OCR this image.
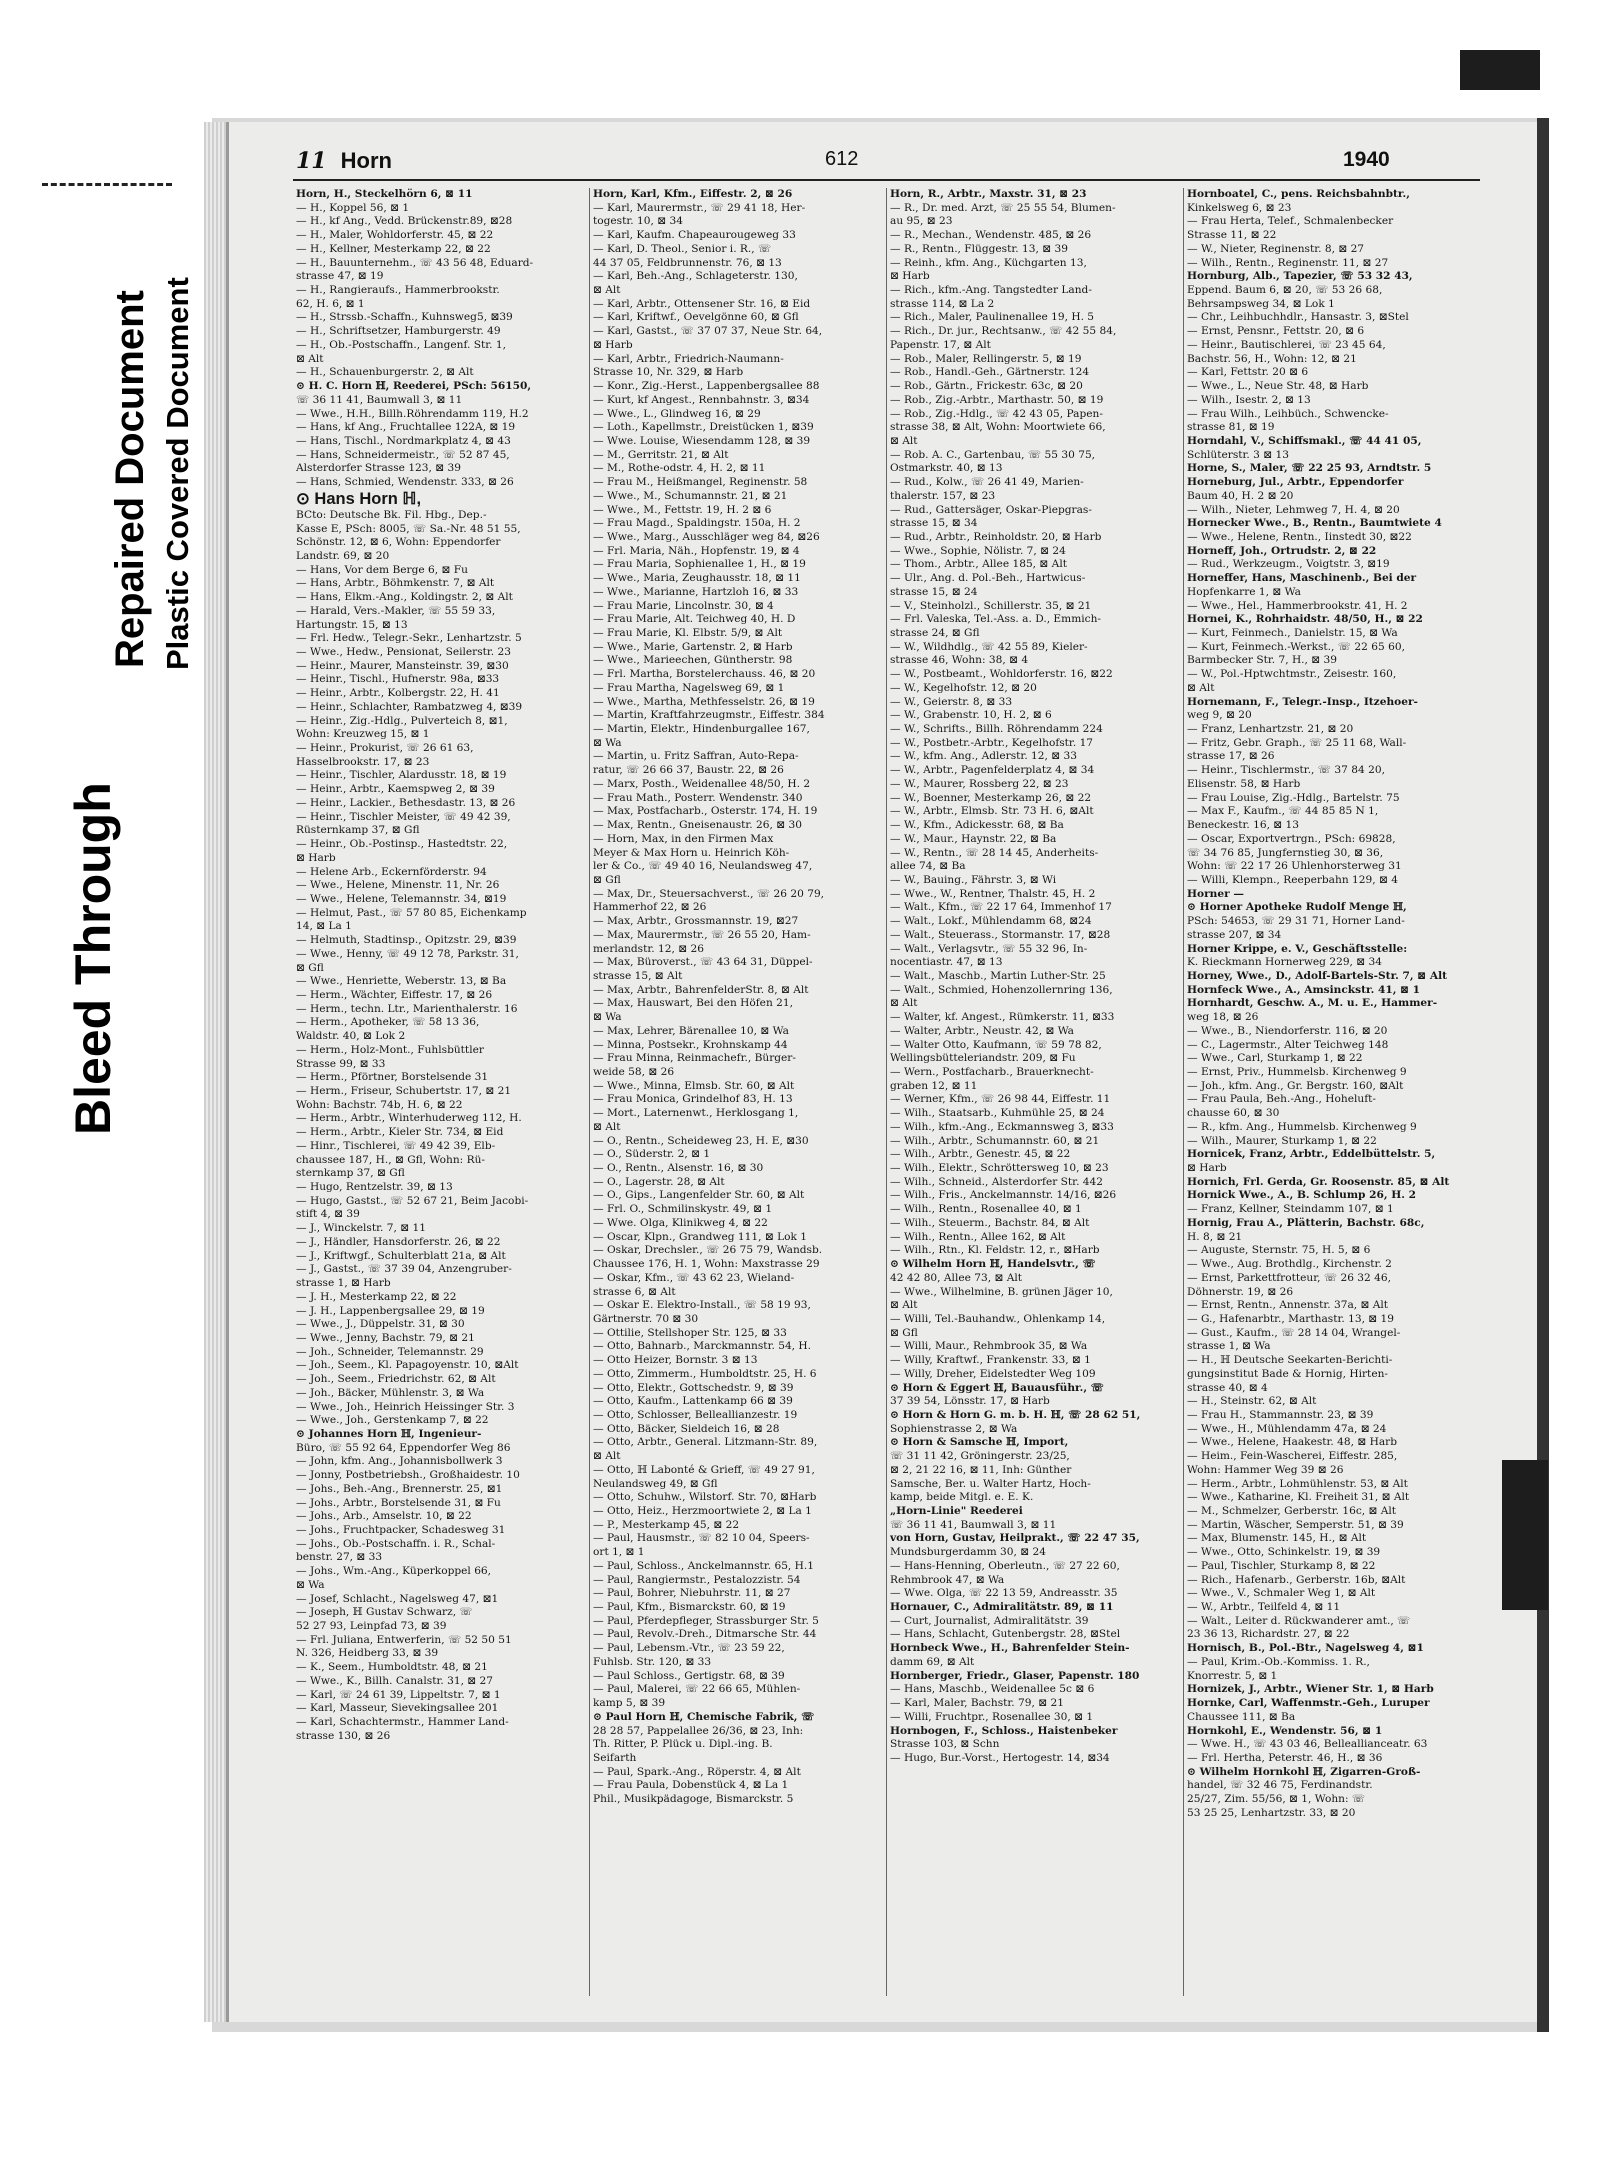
Bleed Through
Repaired Document Plastic Covered Document
11 Horn	612	1940
Horn, H., Steckelhörn 6, ⊠ 11
— H., Koppel 56, ⊠ 1
— H., kf Ang., Vedd. Brückenstr.89, ⊠28
— H., Maler, Wohldorferstr. 45, ⊠ 22
— H., Kellner, Mesterkamp 22, ⊠ 22
— H., Bauunternehm., ☏ 43 56 48, Eduard-
strasse 47, ⊠ 19
— H., Rangieraufs., Hammerbrookstr.
62, H. 6, ⊠ 1
— H., Strssb.-Schaffn., Kuhnsweg5, ⊠39
— H., Schriftsetzer, Hamburgerstr. 49
— H., Ob.-Postschaffn., Langenf. Str. 1,
⊠ Alt
— H., Schauenburgerstr. 2, ⊠ Alt
⊙ H. C. Horn ℍ, Reederei, PSch: 56150,
☏ 36 11 41, Baumwall 3, ⊠ 11
— Wwe., H.H., Billh.Röhrendamm 119, H.2
— Hans, kf Ang., Fruchtallee 122A, ⊠ 19
— Hans, Tischl., Nordmarkplatz 4, ⊠ 43
— Hans, Schneidermeistr., ☏ 52 87 45,
Alsterdorfer Strasse 123, ⊠ 39
— Hans, Schmied, Wendenstr. 333, ⊠ 26
⊙ Hans Horn ℍ,
BCto: Deutsche Bk. Fil. Hbg., Dep.-
Kasse E, PSch: 8005, ☏ Sa.-Nr. 48 51 55,
Schönstr. 12, ⊠ 6, Wohn: Eppendorfer
Landstr. 69, ⊠ 20
— Hans, Vor dem Berge 6, ⊠ Fu
— Hans, Arbtr., Böhmkenstr. 7, ⊠ Alt
— Hans, Elkm.-Ang., Koldingstr. 2, ⊠ Alt
— Harald, Vers.-Makler, ☏ 55 59 33,
Hartungstr. 15, ⊠ 13
— Frl. Hedw., Telegr.-Sekr., Lenhartzstr. 5
— Wwe., Hedw., Pensionat, Seilerstr. 23
— Heinr., Maurer, Mansteinstr. 39, ⊠30
— Heinr., Tischl., Hufnerstr. 98a, ⊠33
— Heinr., Arbtr., Kolbergstr. 22, H. 41
— Heinr., Schlachter, Rambatzweg 4, ⊠39
— Heinr., Zig.-Hdlg., Pulverteich 8, ⊠1,
Wohn: Kreuzweg 15, ⊠ 1
— Heinr., Prokurist, ☏ 26 61 63,
Hasselbrookstr. 17, ⊠ 23
— Heinr., Tischler, Alardusstr. 18, ⊠ 19
— Heinr., Arbtr., Kaemspweg 2, ⊠ 39
— Heinr., Lackier., Bethesdastr. 13, ⊠ 26
— Heinr., Tischler Meister, ☏ 49 42 39,
Rüsternkamp 37, ⊠ Gfl
— Heinr., Ob.-Postinsp., Hastedtstr. 22,
⊠ Harb
— Helene Arb., Eckernförderstr. 94
— Wwe., Helene, Minenstr. 11, Nr. 26
— Wwe., Helene, Telemannstr. 34, ⊠19
— Helmut, Past., ☏ 57 80 85, Eichenkamp
14, ⊠ La 1
— Helmuth, Stadtinsp., Opitzstr. 29, ⊠39
— Wwe., Henny, ☏ 49 12 78, Parkstr. 31,
⊠ Gfl
— Wwe., Henriette, Weberstr. 13, ⊠ Ba
— Herm., Wächter, Eiffestr. 17, ⊠ 26
— Herm., techn. Ltr., Marienthalerstr. 16
— Herm., Apotheker, ☏ 58 13 36,
Waldstr. 40, ⊠ Lok 2
— Herm., Holz-Mont., Fuhlsbüttler
Strasse 99, ⊠ 33
— Herm., Pförtner, Borstelsende 31
— Herm., Friseur, Schubertstr. 17, ⊠ 21
Wohn: Bachstr. 74b, H. 6, ⊠ 22
— Herm., Arbtr., Winterhuderweg 112, H.
— Herm., Arbtr., Kieler Str. 734, ⊠ Eid
— Hinr., Tischlerei, ☏ 49 42 39, Elb-
chaussee 187, H., ⊠ Gfl, Wohn: Rü-
sternkamp 37, ⊠ Gfl
— Hugo, Rentzelstr. 39, ⊠ 13
— Hugo, Gastst., ☏ 52 67 21, Beim Jacobi-
stift 4, ⊠ 39
— J., Winckelstr. 7, ⊠ 11
— J., Händler, Hansdorferstr. 26, ⊠ 22
— J., Kriftwgf., Schulterblatt 21a, ⊠ Alt
— J., Gastst., ☏ 37 39 04, Anzengruber-
strasse 1, ⊠ Harb
— J. H., Mesterkamp 22, ⊠ 22
— J. H., Lappenbergsallee 29, ⊠ 19
— Wwe., J., Düppelstr. 31, ⊠ 30
— Wwe., Jenny, Bachstr. 79, ⊠ 21
— Joh., Schneider, Telemannstr. 29
— Joh., Seem., Kl. Papagoyenstr. 10, ⊠Alt
— Joh., Seem., Friedrichstr. 62, ⊠ Alt
— Joh., Bäcker, Mühlenstr. 3, ⊠ Wa
— Wwe., Joh., Heinrich Heissinger Str. 3
— Wwe., Joh., Gerstenkamp 7, ⊠ 22
⊙ Johannes Horn ℍ, Ingenieur-
Büro, ☏ 55 92 64, Eppendorfer Weg 86
— John, kfm. Ang., Johannisbollwerk 3
— Jonny, Postbetriebsh., Großhaidestr. 10
— Johs., Beh.-Ang., Brennerstr. 25, ⊠1
— Johs., Arbtr., Borstelsende 31, ⊠ Fu
— Johs., Arb., Amselstr. 10, ⊠ 22
— Johs., Fruchtpacker, Schadesweg 31
— Johs., Ob.-Postschaffn. i. R., Schal-
benstr. 27, ⊠ 33
— Johs., Wm.-Ang., Küperkoppel 66,
⊠ Wa
— Josef, Schlacht., Nagelsweg 47, ⊠1
— Joseph, ℍ Gustav Schwarz, ☏
52 27 93, Leinpfad 73, ⊠ 39
— Frl. Juliana, Entwerferin, ☏ 52 50 51
N. 326, Heidberg 33, ⊠ 39
— K., Seem., Humboldtstr. 48, ⊠ 21
— Wwe., K., Billh. Canalstr. 31, ⊠ 27
— Karl, ☏ 24 61 39, Lippeltstr. 7, ⊠ 1
— Karl, Masseur, Sievekingsallee 201
— Karl, Schachtermstr., Hammer Land-
strasse 130, ⊠ 26
Horn, Karl, Kfm., Eiffestr. 2, ⊠ 26
— Karl, Maurermstr., ☏ 29 41 18, Her-
togestr. 10, ⊠ 34
— Karl, Kaufm. Chapeaurougeweg 33
— Karl, D. Theol., Senior i. R., ☏
44 37 05, Feldbrunnenstr. 76, ⊠ 13
— Karl, Beh.-Ang., Schlageterstr. 130,
⊠ Alt
— Karl, Arbtr., Ottensener Str. 16, ⊠ Eid
— Karl, Kriftwf., Oevelgönne 60, ⊠ Gfl
— Karl, Gastst., ☏ 37 07 37, Neue Str. 64,
⊠ Harb
— Karl, Arbtr., Friedrich-Naumann-
Strasse 10, Nr. 329, ⊠ Harb
— Konr., Zig.-Herst., Lappenbergsallee 88
— Kurt, kf Angest., Rennbahnstr. 3, ⊠34
— Wwe., L., Glindweg 16, ⊠ 29
— Loth., Kapellmstr., Dreistücken 1, ⊠39
— Wwe. Louise, Wiesendamm 128, ⊠ 39
— M., Gerritstr. 21, ⊠ Alt
— M., Rothe-odstr. 4, H. 2, ⊠ 11
— Frau M., Heißmangel, Reginenstr. 58
— Wwe., M., Schumannstr. 21, ⊠ 21
— Wwe., M., Fettstr. 19, H. 2 ⊠ 6
— Frau Magd., Spaldingstr. 150a, H. 2
— Wwe., Marg., Ausschläger weg 84, ⊠26
— Frl. Maria, Näh., Hopfenstr. 19, ⊠ 4
— Frau Maria, Sophienallee 1, H., ⊠ 19
— Wwe., Maria, Zeughausstr. 18, ⊠ 11
— Wwe., Marianne, Hartzloh 16, ⊠ 33
— Frau Marie, Lincolnstr. 30, ⊠ 4
— Frau Marie, Alt. Teichweg 40, H. D
— Frau Marie, Kl. Elbstr. 5/9, ⊠ Alt
— Wwe., Marie, Gartenstr. 2, ⊠ Harb
— Wwe., Marieechen, Güntherstr. 98
— Frl. Martha, Borstelerchauss. 46, ⊠ 20
— Frau Martha, Nagelsweg 69, ⊠ 1
— Wwe., Martha, Methfesselstr. 26, ⊠ 19
— Martin, Kraftfahrzeugmstr., Eiffestr. 384
— Martin, Elektr., Hindenburgallee 167,
⊠ Wa
— Martin, u. Fritz Saffran, Auto-Repa-
ratur, ☏ 26 66 37, Baustr. 22, ⊠ 26
— Marx, Posth., Weidenallee 48/50, H. 2
— Frau Math., Posterr. Wendenstr. 340
— Max, Postfacharb., Osterstr. 174, H. 19
— Max, Rentn., Gneisenaustr. 26, ⊠ 30
— Horn, Max, in den Firmen Max
Meyer & Max Horn u. Heinrich Köh-
ler & Co., ☏ 49 40 16, Neulandsweg 47,
⊠ Gfl
— Max, Dr., Steuersachverst., ☏ 26 20 79,
Hammerhof 22, ⊠ 26
— Max, Arbtr., Grossmannstr. 19, ⊠27
— Max, Maurermstr., ☏ 26 55 20, Ham-
merlandstr. 12, ⊠ 26
— Max, Büroverst., ☏ 43 64 31, Düppel-
strasse 15, ⊠ Alt
— Max, Arbtr., BahrenfelderStr. 8, ⊠ Alt
— Max, Hauswart, Bei den Höfen 21,
⊠ Wa
— Max, Lehrer, Bärenallee 10, ⊠ Wa
— Minna, Postsekr., Krohnskamp 44
— Frau Minna, Reinmachefr., Bürger-
weide 58, ⊠ 26
— Wwe., Minna, Elmsb. Str. 60, ⊠ Alt
— Frau Monica, Grindelhof 83, H. 13
— Mort., Laternenwt., Herklosgang 1,
⊠ Alt
— O., Rentn., Scheideweg 23, H. E, ⊠30
— O., Süderstr. 2, ⊠ 1
— O., Rentn., Alsenstr. 16, ⊠ 30
— O., Lagerstr. 28, ⊠ Alt
— O., Gips., Langenfelder Str. 60, ⊠ Alt
— Frl. O., Schmilinskystr. 49, ⊠ 1
— Wwe. Olga, Klinikweg 4, ⊠ 22
— Oscar, Klpn., Grandweg 111, ⊠ Lok 1
— Oskar, Drechsler., ☏ 26 75 79, Wandsb.
Chaussee 176, H. 1, Wohn: Maxstrasse 29
— Oskar, Kfm., ☏ 43 62 23, Wieland-
strasse 6, ⊠ Alt
— Oskar E. Elektro-Install., ☏ 58 19 93,
Gärtnerstr. 70 ⊠ 30
— Ottilie, Stellshoper Str. 125, ⊠ 33
— Otto, Bahnarb., Marckmannstr. 54, H.
— Otto Heizer, Bornstr. 3 ⊠ 13
— Otto, Zimmerm., Humboldtstr. 25, H. 6
— Otto, Elektr., Gottschedstr. 9, ⊠ 39
— Otto, Kaufm., Lattenkamp 66 ⊠ 39
— Otto, Schlosser, Belleallianzestr. 19
— Otto, Bäcker, Sieldeich 16, ⊠ 28
— Otto, Arbtr., General. Litzmann-Str. 89,
⊠ Alt
— Otto, ℍ Labonté & Grieff, ☏ 49 27 91,
Neulandsweg 49, ⊠ Gfl
— Otto, Schuhw., Wilstorf. Str. 70, ⊠Harb
— Otto, Heiz., Herzmoortwiete 2, ⊠ La 1
— P., Mesterkamp 45, ⊠ 22
— Paul, Hausmstr., ☏ 82 10 04, Speers-
ort 1, ⊠ 1
— Paul, Schloss., Anckelmannstr. 65, H.1
— Paul, Rangiermstr., Pestalozzistr. 54
— Paul, Bohrer, Niebuhrstr. 11, ⊠ 27
— Paul, Kfm., Bismarckstr. 60, ⊠ 19
— Paul, Pferdepfleger, Strassburger Str. 5
— Paul, Revolv.-Dreh., Ditmarsche Str. 44
— Paul, Lebensm.-Vtr., ☏ 23 59 22,
Fuhlsb. Str. 120, ⊠ 33
— Paul Schloss., Gertigstr. 68, ⊠ 39
— Paul, Malerei, ☏ 22 66 65, Mühlen-
kamp 5, ⊠ 39
⊙ Paul Horn ℍ, Chemische Fabrik, ☏
28 28 57, Pappelallee 26/36, ⊠ 23, Inh:
Th. Ritter, P. Plück u. Dipl.-ing. B.
Seifarth
— Paul, Spark.-Ang., Röperstr. 4, ⊠ Alt
— Frau Paula, Dobenstück 4, ⊠ La 1
Phil., Musikpädagoge, Bismarckstr. 5
Horn, R., Arbtr., Maxstr. 31, ⊠ 23
— R., Dr. med. Arzt, ☏ 25 55 54, Blumen-
au 95, ⊠ 23
— R., Mechan., Wendenstr. 485, ⊠ 26
— R., Rentn., Flüggestr. 13, ⊠ 39
— Reinh., kfm. Ang., Küchgarten 13,
⊠ Harb
— Rich., kfm.-Ang. Tangstedter Land-
strasse 114, ⊠ La 2
— Rich., Maler, Paulinenallee 19, H. 5
— Rich., Dr. jur., Rechtsanw., ☏ 42 55 84,
Papenstr. 17, ⊠ Alt
— Rob., Maler, Rellingerstr. 5, ⊠ 19
— Rob., Handl.-Geh., Gärtnerstr. 124
— Rob., Gärtn., Frickestr. 63c, ⊠ 20
— Rob., Zig.-Arbtr., Marthastr. 50, ⊠ 19
— Rob., Zig.-Hdlg., ☏ 42 43 05, Papen-
strasse 38, ⊠ Alt, Wohn: Moortwiete 66,
⊠ Alt
— Rob. A. C., Gartenbau, ☏ 55 30 75,
Ostmarkstr. 40, ⊠ 13
— Rud., Kolw., ☏ 26 41 49, Marien-
thalerstr. 157, ⊠ 23
— Rud., Gattersäger, Oskar-Piepgras-
strasse 15, ⊠ 34
— Rud., Arbtr., Reinholdstr. 20, ⊠ Harb
— Wwe., Sophie, Nölistr. 7, ⊠ 24
— Thom., Arbtr., Allee 185, ⊠ Alt
— Ulr., Ang. d. Pol.-Beh., Hartwicus-
strasse 15, ⊠ 24
— V., Steinholzl., Schillerstr. 35, ⊠ 21
— Frl. Valeska, Tel.-Ass. a. D., Emmich-
strasse 24, ⊠ Gfl
— W., Wildhdlg., ☏ 42 55 89, Kieler-
strasse 46, Wohn: 38, ⊠ 4
— W., Postbeamt., Wohldorferstr. 16, ⊠22
— W., Kegelhofstr. 12, ⊠ 20
— W., Geierstr. 8, ⊠ 33
— W., Grabenstr. 10, H. 2, ⊠ 6
— W., Schrifts., Billh. Röhrendamm 224
— W., Postbetr.-Arbtr., Kegelhofstr. 17
— W., kfm. Ang., Adlerstr. 12, ⊠ 33
— W., Arbtr., Pagenfelderplatz 4, ⊠ 34
— W., Maurer, Rossberg 22, ⊠ 23
— W., Boenner, Mesterkamp 26, ⊠ 22
— W., Arbtr., Elmsb. Str. 73 H. 6, ⊠Alt
— W., Kfm., Adickesstr. 68, ⊠ Ba
— W., Maur., Haynstr. 22, ⊠ Ba
— W., Rentn., ☏ 28 14 45, Anderheits-
allee 74, ⊠ Ba
— W., Bauing., Fährstr. 3, ⊠ Wi
— Wwe., W., Rentner, Thalstr. 45, H. 2
— Walt., Kfm., ☏ 22 17 64, Immenhof 17
— Walt., Lokf., Mühlendamm 68, ⊠24
— Walt., Steuerass., Stormanstr. 17, ⊠28
— Walt., Verlagsvtr., ☏ 55 32 96, In-
nocentiastr. 47, ⊠ 13
— Walt., Maschb., Martin Luther-Str. 25
— Walt., Schmied, Hohenzollernring 136,
⊠ Alt
— Walter, kf. Angest., Rümkerstr. 11, ⊠33
— Walter, Arbtr., Neustr. 42, ⊠ Wa
— Walter Otto, Kaufmann, ☏ 59 78 82,
Wellingsbütteleriandstr. 209, ⊠ Fu
— Wern., Postfacharb., Brauerknecht-
graben 12, ⊠ 11
— Werner, Kfm., ☏ 26 98 44, Eiffestr. 11
— Wilh., Staatsarb., Kuhmühle 25, ⊠ 24
— Wilh., kfm.-Ang., Eckmannsweg 3, ⊠33
— Wilh., Arbtr., Schumannstr. 60, ⊠ 21
— Wilh., Arbtr., Genestr. 45, ⊠ 22
— Wilh., Elektr., Schröttersweg 10, ⊠ 23
— Wilh., Schneid., Alsterdorfer Str. 442
— Wilh., Fris., Anckelmannstr. 14/16, ⊠26
— Wilh., Rentn., Rosenallee 40, ⊠ 1
— Wilh., Steuerm., Bachstr. 84, ⊠ Alt
— Wilh., Rentn., Allee 162, ⊠ Alt
— Wilh., Rtn., Kl. Feldstr. 12, r., ⊠Harb
⊙ Wilhelm Horn ℍ, Handelsvtr., ☏
42 42 80, Allee 73, ⊠ Alt
— Wwe., Wilhelmine, B. grünen Jäger 10,
⊠ Alt
— Willi, Tel.-Bauhandw., Ohlenkamp 14,
⊠ Gfl
— Willi, Maur., Rehmbrook 35, ⊠ Wa
— Willy, Kraftwf., Frankenstr. 33, ⊠ 1
— Willy, Dreher, Eidelstedter Weg 109
⊙ Horn & Eggert ℍ, Bauausführ., ☏
37 39 54, Lönsstr. 17, ⊠ Harb
⊙ Horn & Horn G. m. b. H. ℍ, ☏ 28 62 51,
Sophienstrasse 2, ⊠ Wa
⊙ Horn & Samsche ℍ, Import,
☏ 31 11 42, Gröningerstr. 23/25,
⊠ 2, 21 22 16, ⊠ 11, Inh: Günther
Samsche, Ber. u. Walter Hartz, Hoch-
kamp, beide Mitgl. e. E. K.
„Horn-Linie" Reederei
☏ 36 11 41, Baumwall 3, ⊠ 11
von Horn, Gustav, Heilprakt., ☏ 22 47 35,
Mundsburgerdamm 30, ⊠ 24
— Hans-Henning, Oberleutn., ☏ 27 22 60,
Rehmbrook 47, ⊠ Wa
— Wwe. Olga, ☏ 22 13 59, Andreasstr. 35
Hornauer, C., Admiralitätstr. 89, ⊠ 11
— Curt, Journalist, Admiralitätstr. 39
— Hans, Schlacht, Gutenbergstr. 28, ⊠Stel
Hornbeck Wwe., H., Bahrenfelder Stein-
damm 69, ⊠ Alt
Hornberger, Friedr., Glaser, Papenstr. 180
— Hans, Maschb., Weidenallee 5c ⊠ 6
— Karl, Maler, Bachstr. 79, ⊠ 21
— Willi, Fruchtpr., Rosenallee 30, ⊠ 1
Hornbogen, F., Schloss., Haistenbeker
Strasse 103, ⊠ Schn
— Hugo, Bur.-Vorst., Hertogestr. 14, ⊠34
Hornboatel, C., pens. Reichsbahnbtr.,
Kinkelsweg 6, ⊠ 23
— Frau Herta, Telef., Schmalenbecker
Strasse 11, ⊠ 22
— W., Nieter, Reginenstr. 8, ⊠ 27
— Wilh., Rentn., Reginenstr. 11, ⊠ 27
Hornburg, Alb., Tapezier, ☏ 53 32 43,
Eppend. Baum 6, ⊠ 20, ☏ 53 26 68,
Behrsampsweg 34, ⊠ Lok 1
— Chr., Leihbuchhdlr., Hansastr. 3, ⊠Stel
— Ernst, Pensnr., Fettstr. 20, ⊠ 6
— Heinr., Bautischlerei, ☏ 23 45 64,
Bachstr. 56, H., Wohn: 12, ⊠ 21
— Karl, Fettstr. 20 ⊠ 6
— Wwe., L., Neue Str. 48, ⊠ Harb
— Wilh., Isestr. 2, ⊠ 13
— Frau Wilh., Leihbüch., Schwencke-
strasse 81, ⊠ 19
Horndahl, V., Schiffsmakl., ☏ 44 41 05,
Schlüterstr. 3 ⊠ 13
Horne, S., Maler, ☏ 22 25 93, Arndtstr. 5
Horneburg, Jul., Arbtr., Eppendorfer
Baum 40, H. 2 ⊠ 20
— Wilh., Nieter, Lehmweg 7, H. 4, ⊠ 20
Hornecker Wwe., B., Rentn., Baumtwiete 4
— Wwe., Helene, Rentn., Iinstedt 30, ⊠22
Horneff, Joh., Ortrudstr. 2, ⊠ 22
— Rud., Werkzeugm., Voigtstr. 3, ⊠19
Horneffer, Hans, Maschinenb., Bei der
Hopfenkarre 1, ⊠ Wa
— Wwe., Hel., Hammerbrookstr. 41, H. 2
Hornei, K., Rohrhaidstr. 48/50, H., ⊠ 22
— Kurt, Feinmech., Danielstr. 15, ⊠ Wa
— Kurt, Feinmech.-Werkst., ☏ 22 65 60,
Barmbecker Str. 7, H., ⊠ 39
— W., Pol.-Hptwchtmstr., Zeisestr. 160,
⊠ Alt
Hornemann, F., Telegr.-Insp., Itzehoer-
weg 9, ⊠ 20
— Franz, Lenhartzstr. 21, ⊠ 20
— Fritz, Gebr. Graph., ☏ 25 11 68, Wall-
strasse 17, ⊠ 26
— Heinr., Tischlermstr., ☏ 37 84 20,
Elisenstr. 58, ⊠ Harb
— Frau Louise, Zig.-Hdlg., Bartelstr. 75
— Max F., Kaufm., ☏ 44 85 85 N 1,
Beneckestr. 16, ⊠ 13
— Oscar, Exportvertrgn., PSch: 69828,
☏ 34 76 85, Jungfernstieg 30, ⊠ 36,
Wohn: ☏ 22 17 26 Uhlenhorsterweg 31
— Willi, Klempn., Reeperbahn 129, ⊠ 4
Horner —
⊙ Horner Apotheke Rudolf Menge ℍ,
PSch: 54653, ☏ 29 31 71, Horner Land-
strasse 207, ⊠ 34
Horner Krippe, e. V., Geschäftsstelle:
K. Rieckmann Hornerweg 229, ⊠ 34
Horney, Wwe., D., Adolf-Bartels-Str. 7, ⊠ Alt
Hornfeck Wwe., A., Amsinckstr. 41, ⊠ 1
Hornhardt, Geschw. A., M. u. E., Hammer-
weg 18, ⊠ 26
— Wwe., B., Niendorferstr. 116, ⊠ 20
— C., Lagermstr., Alter Teichweg 148
— Wwe., Carl, Sturkamp 1, ⊠ 22
— Ernst, Priv., Hummelsb. Kirchenweg 9
— Joh., kfm. Ang., Gr. Bergstr. 160, ⊠Alt
— Frau Paula, Beh.-Ang., Hoheluft-
chausse 60, ⊠ 30
— R., kfm. Ang., Hummelsb. Kirchenweg 9
— Wilh., Maurer, Sturkamp 1, ⊠ 22
Hornicek, Franz, Arbtr., Eddelbüttelstr. 5,
⊠ Harb
Hornich, Frl. Gerda, Gr. Roosenstr. 85, ⊠ Alt
Hornick Wwe., A., B. Schlump 26, H. 2
— Franz, Kellner, Steindamm 107, ⊠ 1
Hornig, Frau A., Plätterin, Bachstr. 68c,
H. 8, ⊠ 21
— Auguste, Sternstr. 75, H. 5, ⊠ 6
— Wwe., Aug. Brothdlg., Kirchenstr. 2
— Ernst, Parkettfrotteur, ☏ 26 32 46,
Döhnerstr. 19, ⊠ 26
— Ernst, Rentn., Annenstr. 37a, ⊠ Alt
— G., Hafenarbtr., Marthastr. 13, ⊠ 19
— Gust., Kaufm., ☏ 28 14 04, Wrangel-
strasse 1, ⊠ Wa
— H., ℍ Deutsche Seekarten-Berichti-
gungsinstitut Bade & Hornig, Hirten-
strasse 40, ⊠ 4
— H., Steinstr. 62, ⊠ Alt
— Frau H., Stammannstr. 23, ⊠ 39
— Wwe., H., Mühlendamm 47a, ⊠ 24
— Wwe., Helene, Haakestr. 48, ⊠ Harb
— Heim., Fein-Wascherei, Eiffestr. 285,
Wohn: Hammer Weg 39 ⊠ 26
— Herm., Arbtr., Lohmühlenstr. 53, ⊠ Alt
— Wwe., Katharine, Kl. Freiheit 31, ⊠ Alt
— M., Schmelzer, Gerberstr. 16c, ⊠ Alt
— Martin, Wäscher, Semperstr. 51, ⊠ 39
— Max, Blumenstr. 145, H., ⊠ Alt
— Wwe., Otto, Schinkelstr. 19, ⊠ 39
— Paul, Tischler, Sturkamp 8, ⊠ 22
— Rich., Hafenarb., Gerberstr. 16b, ⊠Alt
— Wwe., V., Schmaler Weg 1, ⊠ Alt
— W., Arbtr., Teilfeld 4, ⊠ 11
— Walt., Leiter d. Rückwanderer amt., ☏
23 36 13, Richardstr. 27, ⊠ 22
Hornisch, B., Pol.-Btr., Nagelsweg 4, ⊠1
— Paul, Krim.-Ob.-Kommiss. 1. R.,
Knorrestr. 5, ⊠ 1
Hornizek, J., Arbtr., Wiener Str. 1, ⊠ Harb
Hornke, Carl, Waffenmstr.-Geh., Luruper
Chaussee 111, ⊠ Ba
Hornkohl, E., Wendenstr. 56, ⊠ 1
— Wwe. H., ☏ 43 03 46, Belleallianceatr. 63
— Frl. Hertha, Peterstr. 46, H., ⊠ 36
⊙ Wilhelm Hornkohl ℍ, Zigarren-Groß-
handel, ☏ 32 46 75, Ferdinandstr.
25/27, Zim. 55/56, ⊠ 1, Wohn: ☏
53 25 25, Lenhartzstr. 33, ⊠ 20
